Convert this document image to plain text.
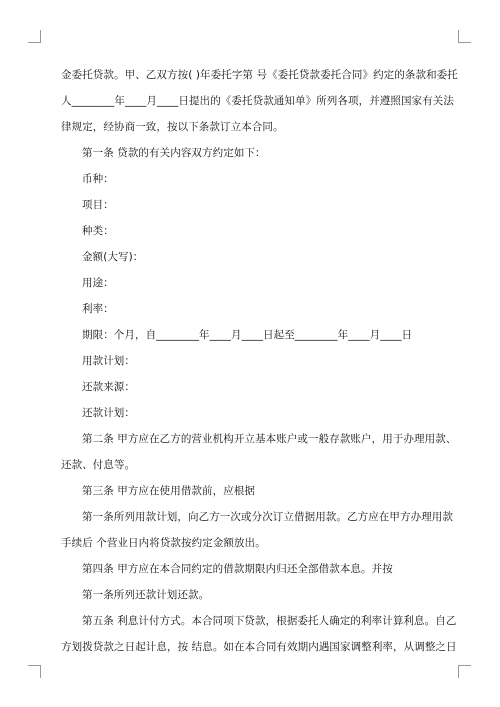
金委托贷款。甲、乙双方按( )年委托字第 号《委托贷款委托合同》约定的条款和委托
人________年____月____日提出的《委托贷款通知单》所列各项，并遵照国家有关法
律规定，经协商一致，按以下条款订立本合同。
第一条 贷款的有关内容双方约定如下：
币种：
项目：
种类：
金额(大写)：
用途：
利率：
期限：个月，自________年____月____日起至________年____月____日
用款计划：
还款来源：
还款计划：
第二条 甲方应在乙方的营业机构开立基本账户或一般存款账户，用于办理用款、
还款、付息等。
第三条 甲方应在使用借款前，应根据
第一条所列用款计划，向乙方一次或分次订立借据用款。乙方应在甲方办理用款
手续后 个营业日内将贷款按约定金额放出。
第四条 甲方应在本合同约定的借款期限内归还全部借款本息。并按
第一条所列还款计划还款。
第五条 利息计付方式。本合同项下贷款，根据委托人确定的利率计算利息。自乙
方划拨贷款之日起计息，按 结息。如在本合同有效期内遇国家调整利率，从调整之日
